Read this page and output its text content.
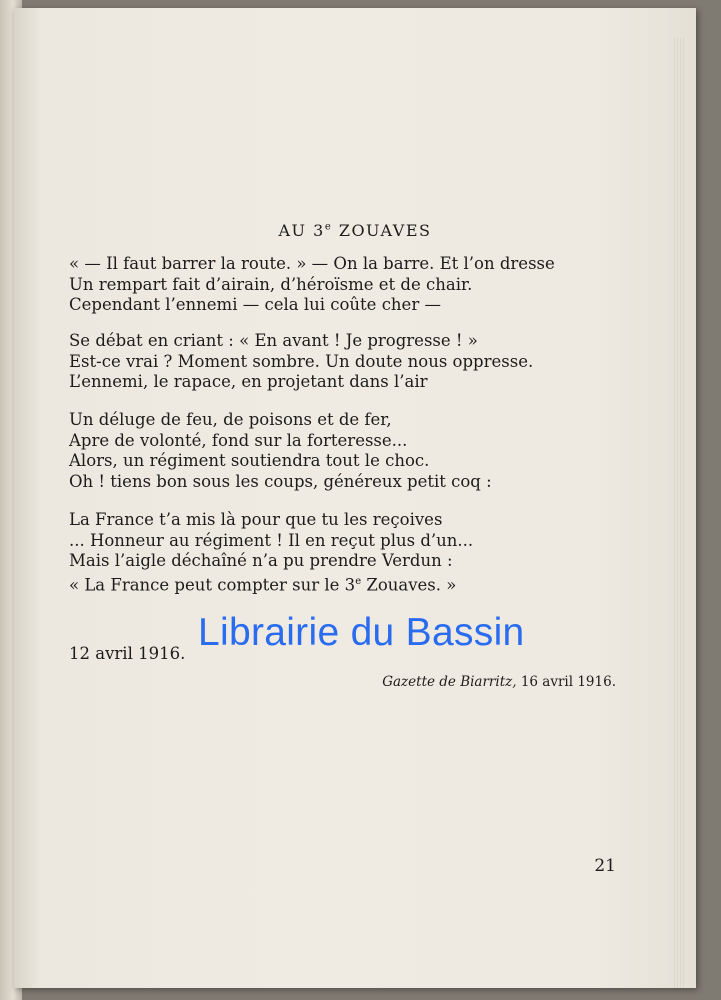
AU 3e ZOUAVES
« — Il faut barrer la route. » — On la barre. Et l’on dresse
Un rempart fait d’airain, d’héroïsme et de chair.
Cependant l’ennemi — cela lui coûte cher —
Se débat en criant : « En avant ! Je progresse ! »
Est-ce vrai ? Moment sombre. Un doute nous oppresse.
L’ennemi, le rapace, en projetant dans l’air
Un déluge de feu, de poisons et de fer,
Apre de volonté, fond sur la forteresse...
Alors, un régiment soutiendra tout le choc.
Oh ! tiens bon sous les coups, généreux petit coq :
La France t’a mis là pour que tu les reçoives
... Honneur au régiment ! Il en reçut plus d’un...
Mais l’aigle déchaîné n’a pu prendre Verdun :
« La France peut compter sur le 3e Zouaves. »
12 avril 1916.
Gazette de Biarritz, 16 avril 1916.
21
Librairie du Bassin
